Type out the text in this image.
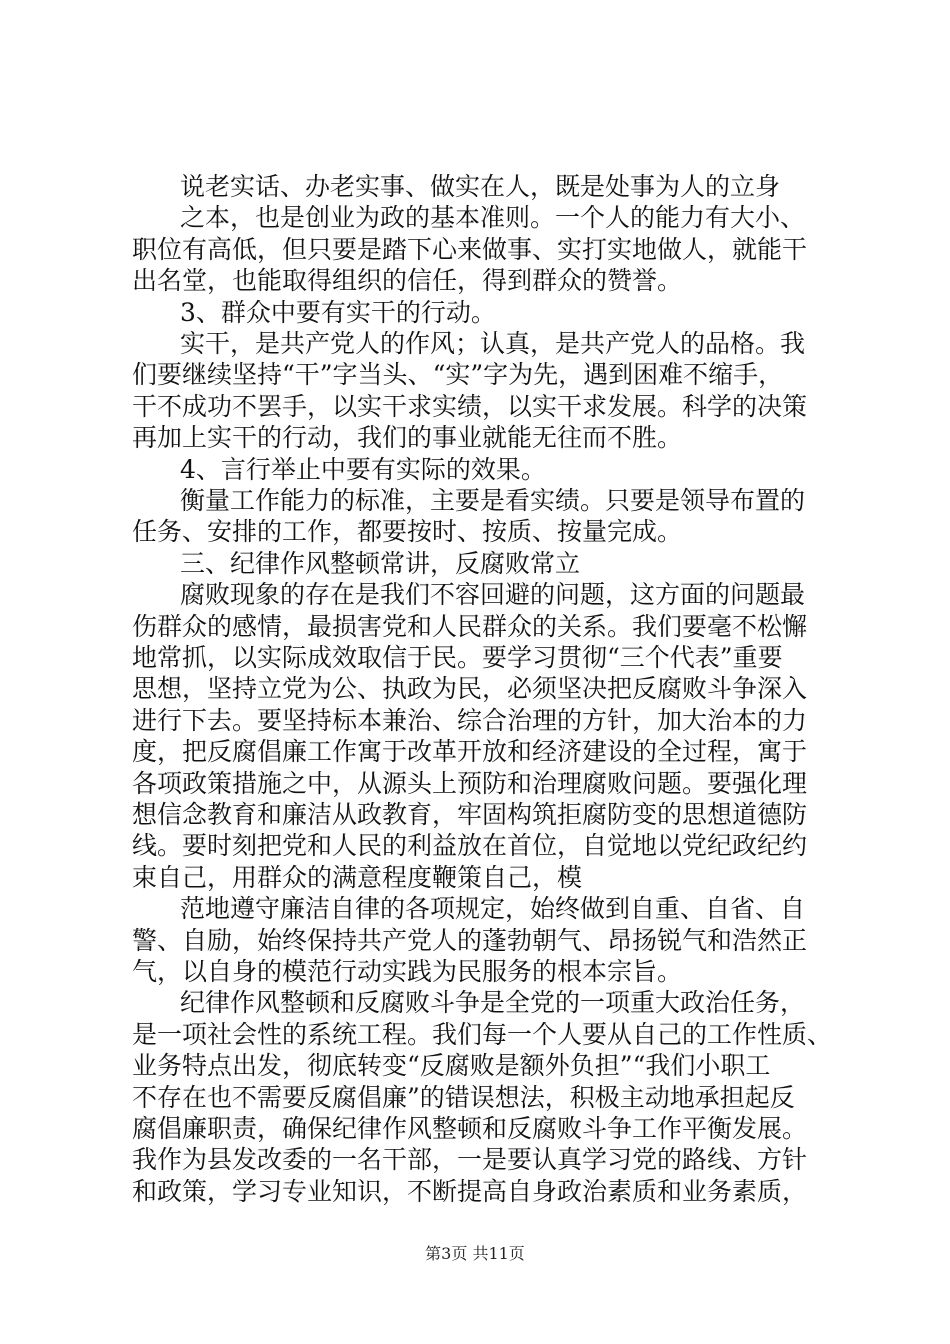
说老实话、办老实事、做实在人，既是处事为人的立身
之本，也是创业为政的基本准则。一个人的能力有大小、
职位有高低，但只要是踏下心来做事、实打实地做人，就能干
出名堂，也能取得组织的信任，得到群众的赞誉。
3、群众中要有实干的行动。
实干，是共产党人的作风；认真，是共产党人的品格。我
们要继续坚持“干”字当头、“实”字为先，遇到困难不缩手，
干不成功不罢手，以实干求实绩，以实干求发展。科学的决策
再加上实干的行动，我们的事业就能无往而不胜。
4、言行举止中要有实际的效果。
衡量工作能力的标准，主要是看实绩。只要是领导布置的
任务、安排的工作，都要按时、按质、按量完成。
三、纪律作风整顿常讲，反腐败常立
腐败现象的存在是我们不容回避的问题，这方面的问题最
伤群众的感情，最损害党和人民群众的关系。我们要毫不松懈
地常抓，以实际成效取信于民。要学习贯彻“三个代表”重要
思想，坚持立党为公、执政为民，必须坚决把反腐败斗争深入
进行下去。要坚持标本兼治、综合治理的方针，加大治本的力
度，把反腐倡廉工作寓于改革开放和经济建设的全过程，寓于
各项政策措施之中，从源头上预防和治理腐败问题。要强化理
想信念教育和廉洁从政教育，牢固构筑拒腐防变的思想道德防
线。要时刻把党和人民的利益放在首位，自觉地以党纪政纪约
束自己，用群众的满意程度鞭策自己，模
范地遵守廉洁自律的各项规定，始终做到自重、自省、自
警、自励，始终保持共产党人的蓬勃朝气、昂扬锐气和浩然正
气，以自身的模范行动实践为民服务的根本宗旨。
纪律作风整顿和反腐败斗争是全党的一项重大政治任务，
是一项社会性的系统工程。我们每一个人要从自己的工作性质、
业务特点出发，彻底转变“反腐败是额外负担”“我们小职工
不存在也不需要反腐倡廉”的错误想法，积极主动地承担起反
腐倡廉职责，确保纪律作风整顿和反腐败斗争工作平衡发展。
我作为县发改委的一名干部，一是要认真学习党的路线、方针
和政策，学习专业知识，不断提高自身政治素质和业务素质，
第3页 共11页
